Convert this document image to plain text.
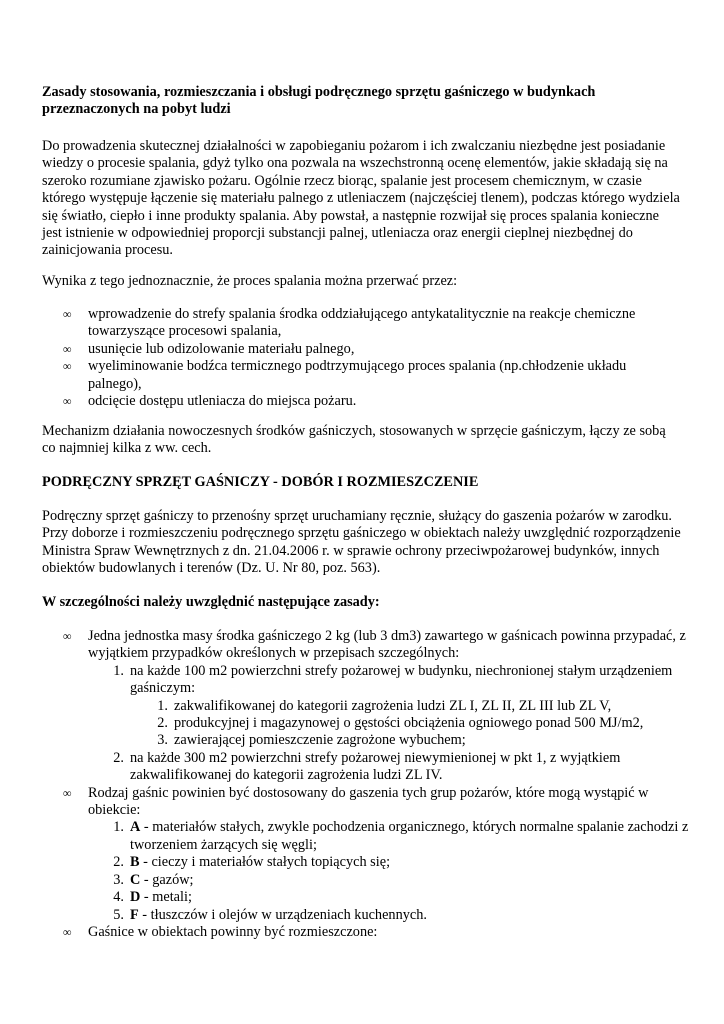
Zasady stosowania, rozmieszczania i obsługi podręcznego sprzętu gaśniczego w budynkach przeznaczonych na pobyt ludzi

Do prowadzenia skutecznej działalności w zapobieganiu pożarom i ich zwalczaniu niezbędne jest posiadanie wiedzy o procesie spalania, gdyż tylko ona pozwala na wszechstronną ocenę elementów, jakie składają się na szeroko rozumiane zjawisko pożaru. Ogólnie rzecz biorąc, spalanie jest procesem chemicznym, w czasie którego występuje łączenie się materiału palnego z utleniaczem (najczęściej tlenem), podczas którego wydziela się światło, ciepło i inne produkty spalania. Aby powstał, a następnie rozwijał się proces spalania konieczne jest istnienie w odpowiedniej proporcji substancji palnej, utleniacza oraz energii cieplnej niezbędnej do zainicjowania procesu.

Wynika z tego jednoznacznie, że proces spalania można przerwać przez:

∞ wprowadzenie do strefy spalania środka oddziałującego antykatalitycznie na reakcje chemiczne towarzyszące procesowi spalania,
∞ usunięcie lub odizolowanie materiału palnego,
∞ wyeliminowanie bodźca termicznego podtrzymującego proces spalania (np.chłodzenie układu palnego),
∞ odcięcie dostępu utleniacza do miejsca pożaru.

Mechanizm działania nowoczesnych środków gaśniczych, stosowanych w sprzęcie gaśniczym, łączy ze sobą co najmniej kilka z ww. cech.

PODRĘCZNY SPRZĘT GAŚNICZY - DOBÓR I ROZMIESZCZENIE

Podręczny sprzęt gaśniczy to przenośny sprzęt uruchamiany ręcznie, służący do gaszenia pożarów w zarodku. Przy doborze i rozmieszczeniu podręcznego sprzętu gaśniczego w obiektach należy uwzględnić rozporządzenie Ministra Spraw Wewnętrznych z dn. 21.04.2006 r. w sprawie ochrony przeciwpożarowej budynków, innych obiektów budowlanych i terenów (Dz. U. Nr 80, poz. 563).

W szczególności należy uwzględnić następujące zasady:

∞ Jedna jednostka masy środka gaśniczego 2 kg (lub 3 dm3) zawartego w gaśnicach powinna przypadać, z wyjątkiem przypadków określonych w przepisach szczególnych:
1. na każde 100 m2 powierzchni strefy pożarowej w budynku, niechronionej stałym urządzeniem gaśniczym:
1. zakwalifikowanej do kategorii zagrożenia ludzi ZL I, ZL II, ZL III lub ZL V,
2. produkcyjnej i magazynowej o gęstości obciążenia ogniowego ponad 500 MJ/m2,
3. zawierającej pomieszczenie zagrożone wybuchem;
2. na każde 300 m2 powierzchni strefy pożarowej niewymienionej w pkt 1, z wyjątkiem zakwalifikowanej do kategorii zagrożenia ludzi ZL IV.
∞ Rodzaj gaśnic powinien być dostosowany do gaszenia tych grup pożarów, które mogą wystąpić w obiekcie:
1. A - materiałów stałych, zwykle pochodzenia organicznego, których normalne spalanie zachodzi z tworzeniem żarzących się węgli;
2. B - cieczy i materiałów stałych topiących się;
3. C - gazów;
4. D - metali;
5. F - tłuszczów i olejów w urządzeniach kuchennych.
∞ Gaśnice w obiektach powinny być rozmieszczone:
